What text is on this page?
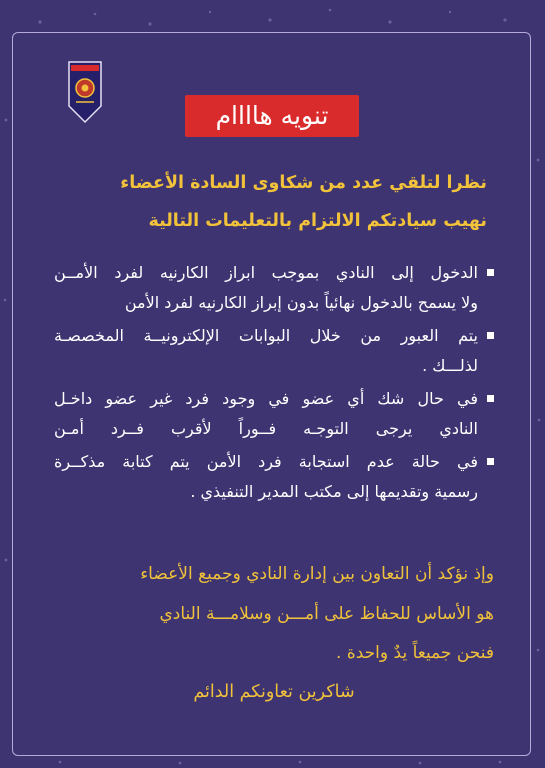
تنويه هاااام
نظرا لتلقي عدد من شكاوى السادة الأعضاء
نهيب سيادتكم الالتزام بالتعليمات التالية
الدخول إلى النادي بموجب ابراز الكارنيه لفرد الأمــن
ولا يسمح بالدخول نهائياً بدون إبراز الكارنيه لفرد الأمن
يتم العبور من خلال البوابات الإلكترونيــة المخصصـة
لذلـــك .
في حال شك أي عضو في وجود فرد غير عضو داخـل
النادي يرجى التوجـه فــوراً لأقرب فــرد أمـن
في حالة عدم استجابة فرد الأمن يتم كتابة مذكــرة
رسمية وتقديمها إلى مكتب المدير التنفيذي .
وإذ نؤكد أن التعاون بين إدارة النادي وجميع الأعضاء
هو الأساس للحفاظ على أمـــن وسلامـــة النادي
فنحن جميعاً يدٌ واحدة .
شاكرين تعاونكم الدائم
